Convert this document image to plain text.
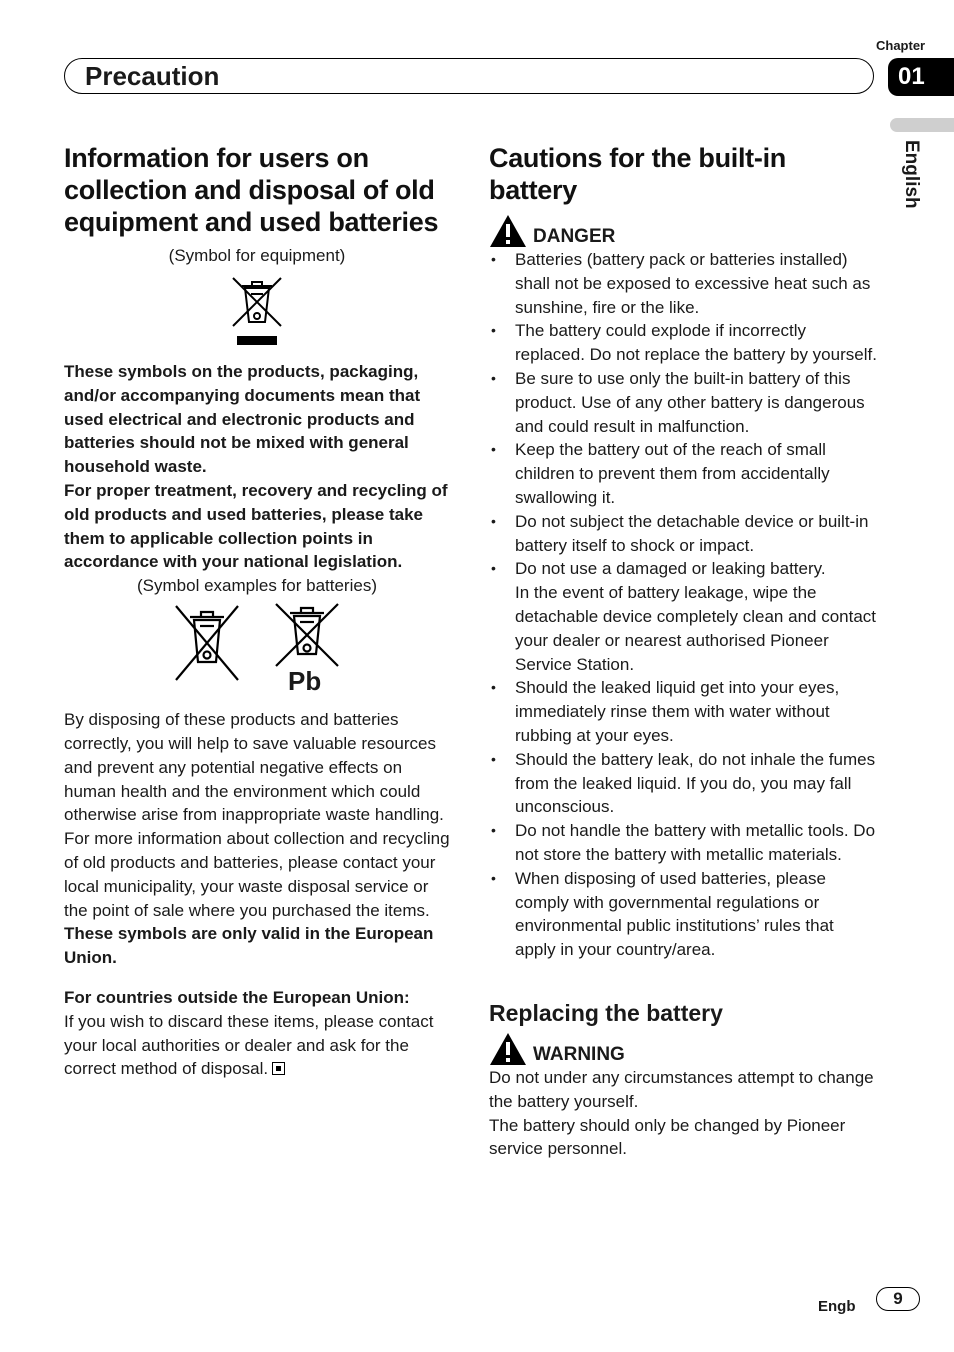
Chapter
01
Precaution
English
Information for users on collection and disposal of old equipment and used batteries

(Symbol for equipment)

These symbols on the products, packaging, and/or accompanying documents mean that used electrical and electronic products and batteries should not be mixed with general household waste.

For proper treatment, recovery and recycling of old products and used batteries, please take them to applicable collection points in accordance with your national legislation.

(Symbol examples for batteries)

Pb

By disposing of these products and batteries correctly, you will help to save valuable resources and prevent any potential negative effects on human health and the environment which could otherwise arise from inappropriate waste handling.

For more information about collection and recycling of old products and batteries, please contact your local municipality, your waste disposal service or the point of sale where you purchased the items.

These symbols are only valid in the European Union.

For countries outside the European Union:

If you wish to discard these items, please contact your local authorities or dealer and ask for the correct method of disposal.

Cautions for the built-in battery
DANGER
• Batteries (battery pack or batteries installed) shall not be exposed to excessive heat such as sunshine, fire or the like.
• The battery could explode if incorrectly replaced. Do not replace the battery by yourself.
• Be sure to use only the built-in battery of this product. Use of any other battery is dangerous and could result in malfunction.
• Keep the battery out of the reach of small children to prevent them from accidentally swallowing it.
• Do not subject the detachable device or built-in battery itself to shock or impact.
• Do not use a damaged or leaking battery.
In the event of battery leakage, wipe the detachable device completely clean and contact your dealer or nearest authorised Pioneer Service Station.
• Should the leaked liquid get into your eyes, immediately rinse them with water without rubbing at your eyes.
• Should the battery leak, do not inhale the fumes from the leaked liquid. If you do, you may fall unconscious.
• Do not handle the battery with metallic tools. Do not store the battery with metallic materials.
• When disposing of used batteries, please comply with governmental regulations or environmental public institutions’ rules that apply in your country/area.
Replacing the battery
WARNING

Do not under any circumstances attempt to change the battery yourself.

The battery should only be changed by Pioneer service personnel.

Engb	9
